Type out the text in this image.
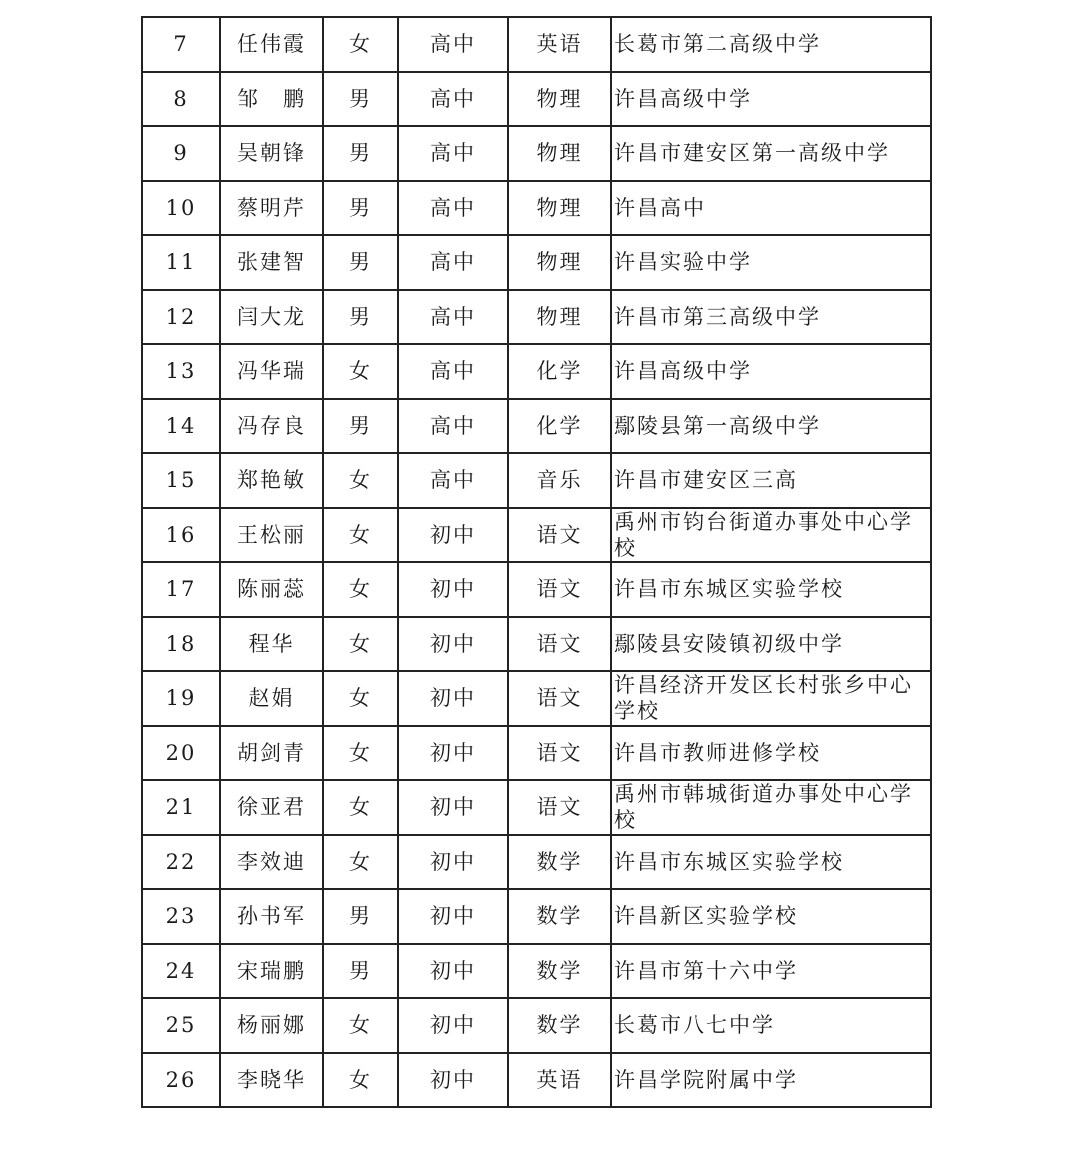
7	任伟霞	女	高中	英语	长葛市第二高级中学
8	邹　鹏	男	高中	物理	许昌高级中学
9	吴朝锋	男	高中	物理	许昌市建安区第一高级中学
10	蔡明芹	男	高中	物理	许昌高中
11	张建智	男	高中	物理	许昌实验中学
12	闫大龙	男	高中	物理	许昌市第三高级中学
13	冯华瑞	女	高中	化学	许昌高级中学
14	冯存良	男	高中	化学	鄢陵县第一高级中学
15	郑艳敏	女	高中	音乐	许昌市建安区三高
16	王松丽	女	初中	语文	禹州市钧台街道办事处中心学校
17	陈丽蕊	女	初中	语文	许昌市东城区实验学校
18	程华	女	初中	语文	鄢陵县安陵镇初级中学
19	赵娟	女	初中	语文	许昌经济开发区长村张乡中心学校
20	胡剑青	女	初中	语文	许昌市教师进修学校
21	徐亚君	女	初中	语文	禹州市韩城街道办事处中心学校
22	李效迪	女	初中	数学	许昌市东城区实验学校
23	孙书军	男	初中	数学	许昌新区实验学校
24	宋瑞鹏	男	初中	数学	许昌市第十六中学
25	杨丽娜	女	初中	数学	长葛市八七中学
26	李晓华	女	初中	英语	许昌学院附属中学
